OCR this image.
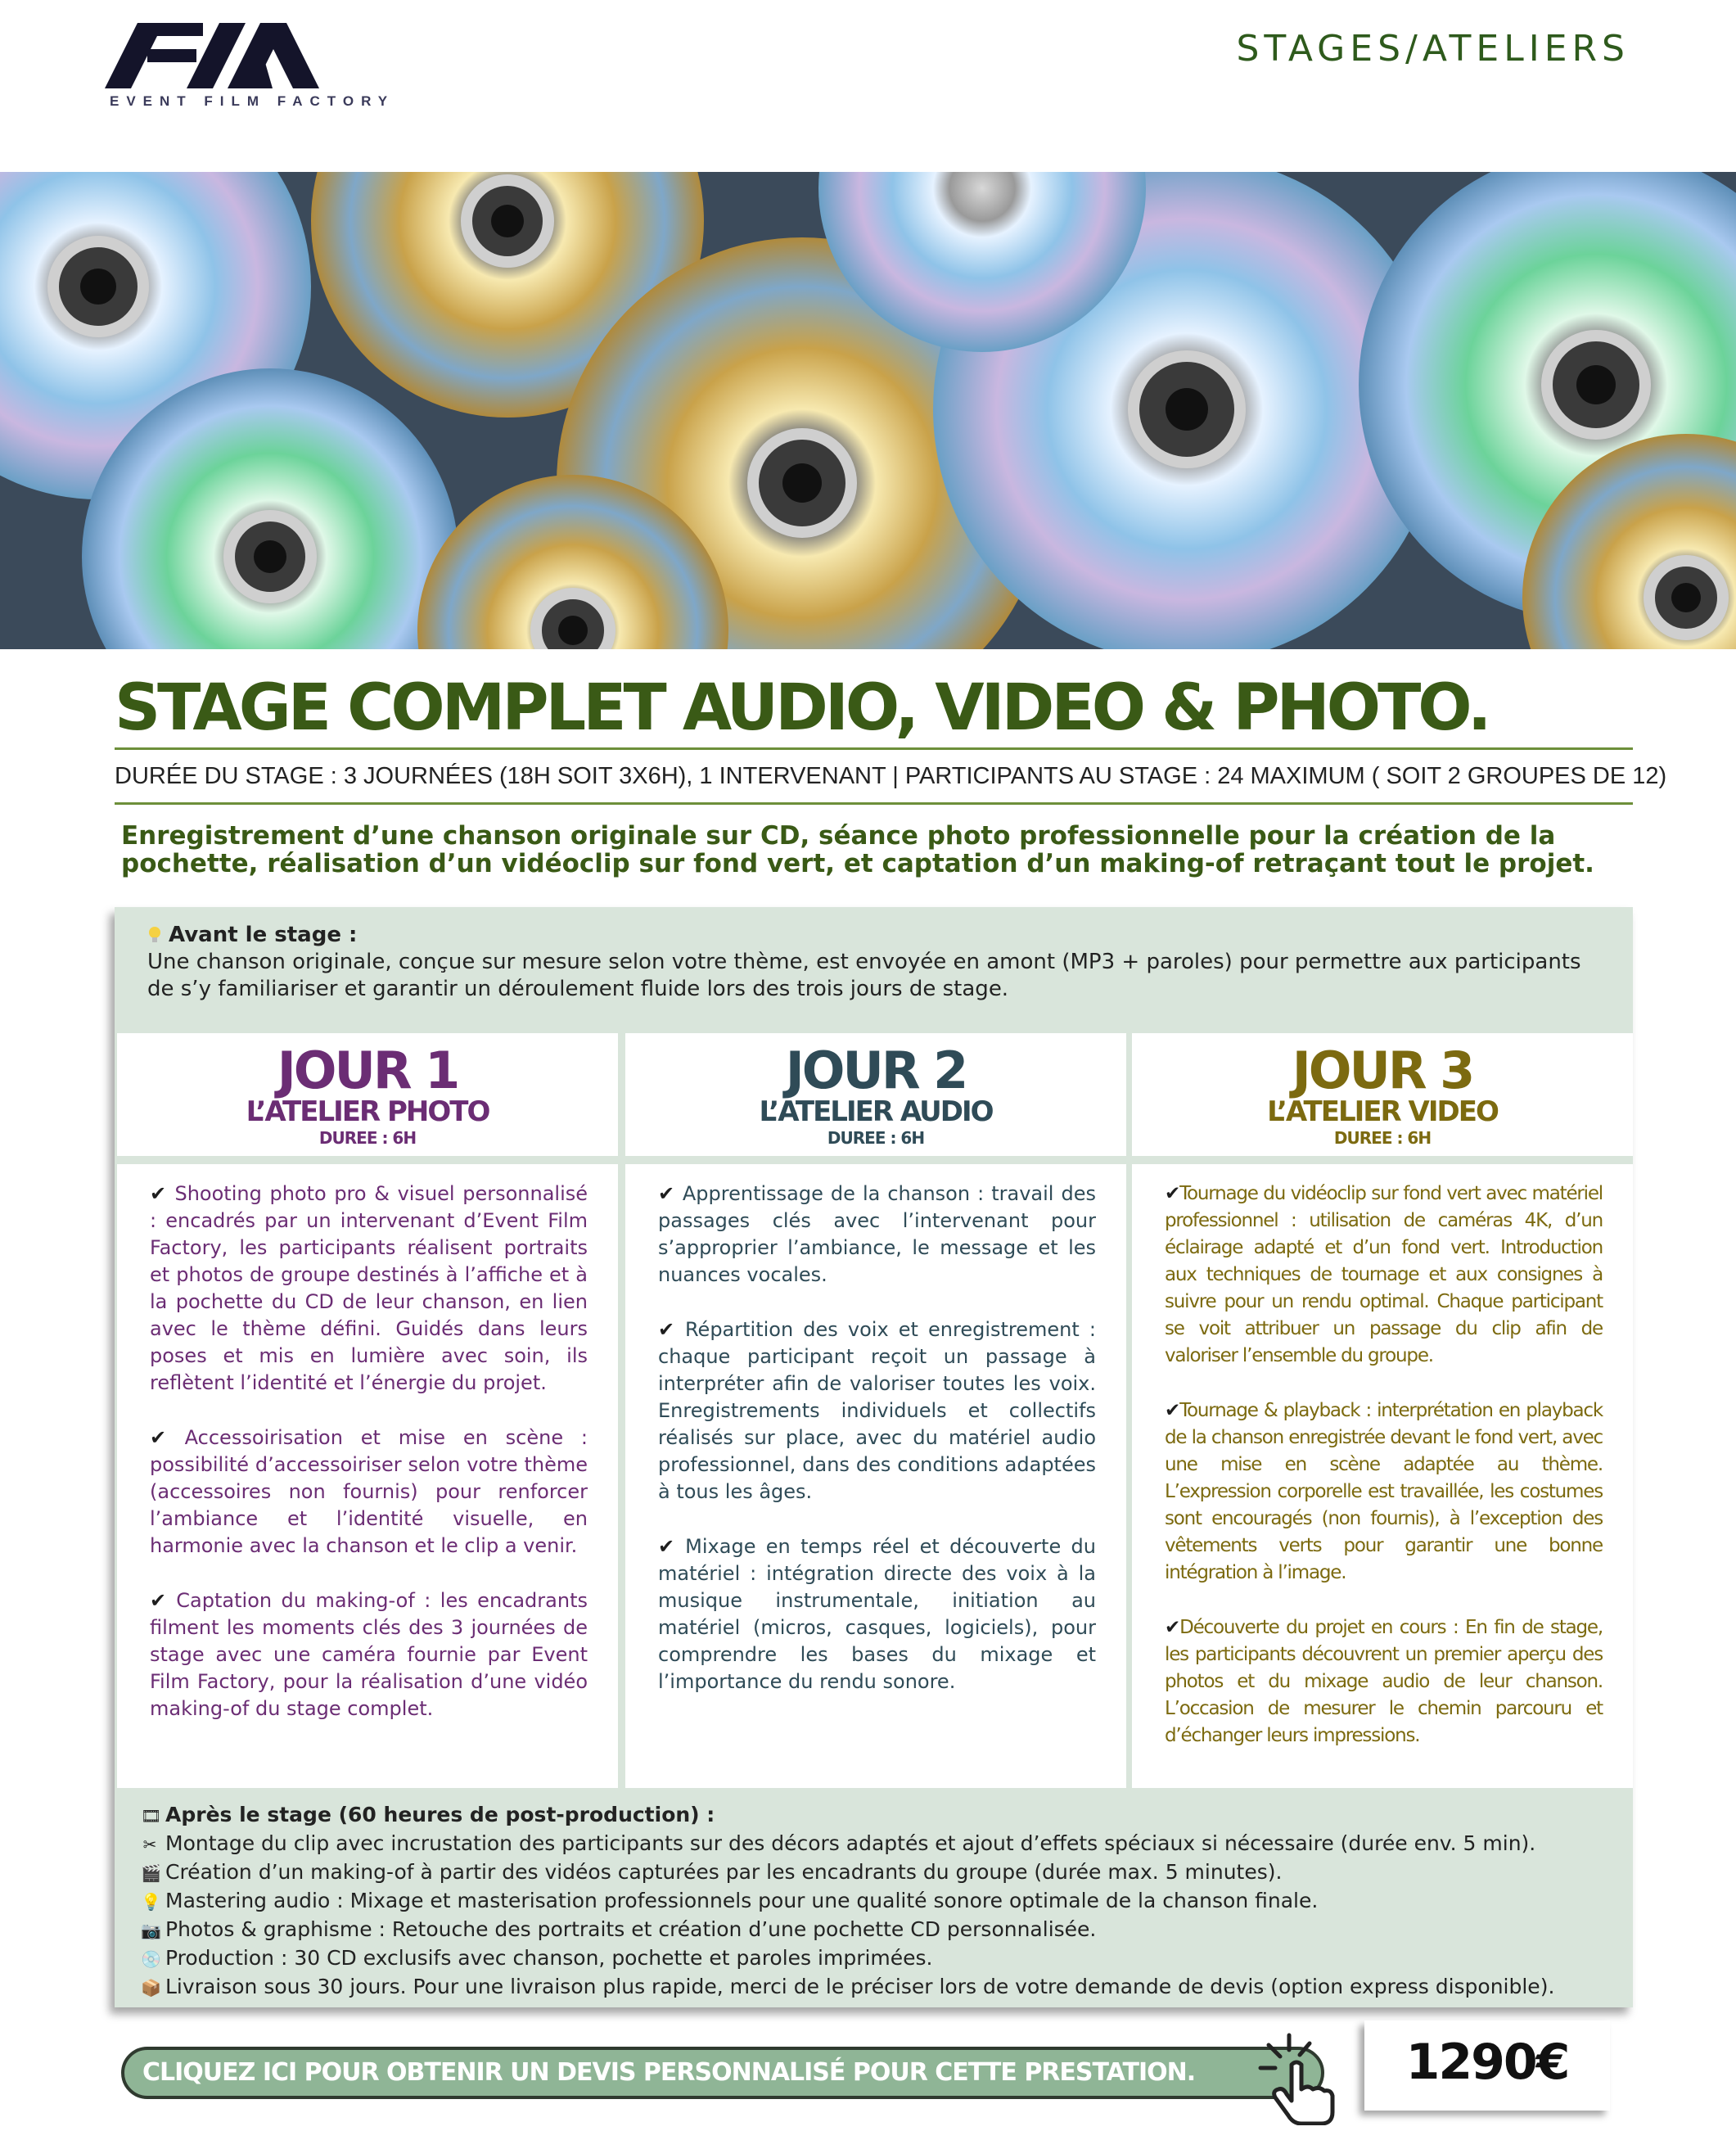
EVENT FILM FACTORY
STAGES/ATELIERS
STAGE COMPLET AUDIO, VIDEO & PHOTO.
DURÉE DU STAGE : 3 JOURNÉES (18H SOIT 3X6H), 1 INTERVENANT | PARTICIPANTS AU STAGE : 24 MAXIMUM ( SOIT 2 GROUPES DE 12)
Enregistrement d’une chanson originale sur CD, séance photo professionnelle pour la création de la pochette, réalisation d’un vidéoclip sur fond vert, et captation d’un making-of retraçant tout le projet.
Avant le stage :
Une chanson originale, conçue sur mesure selon votre thème, est envoyée en amont (MP3 + paroles) pour permettre aux participants de s’y familiariser et garantir un déroulement fluide lors des trois jours de stage.
JOUR 1
L’ATELIER PHOTO
DUREE : 6H

✔ Shooting photo pro & visuel personnalisé : encadrés par un intervenant d’Event Film Factory, les participants réalisent portraits et photos de groupe destinés à l’affiche et à la pochette du CD de leur chanson, en lien avec le thème défini. Guidés dans leurs poses et mis en lumière avec soin, ils reflètent l’identité et l’énergie du projet.

✔ Accessoirisation et mise en scène : possibilité d’accessoiriser selon votre thème (accessoires non fournis) pour renforcer l’ambiance et l’identité visuelle, en harmonie avec la chanson et le clip a venir.

✔ Captation du making-of : les encadrants filment les moments clés des 3 journées de stage avec une caméra fournie par Event Film Factory, pour la réalisation d’une vidéo making-of du stage complet.

JOUR 2
L’ATELIER AUDIO
DUREE : 6H

✔ Apprentissage de la chanson : travail des passages clés avec l’intervenant pour s’approprier l’ambiance, le message et les nuances vocales.

✔ Répartition des voix et enregistrement : chaque participant reçoit un passage à interpréter afin de valoriser toutes les voix. Enregistrements individuels et collectifs réalisés sur place, avec du matériel audio professionnel, dans des conditions adaptées à tous les âges.

✔ Mixage en temps réel et découverte du matériel : intégration directe des voix à la musique instrumentale, initiation au matériel (micros, casques, logiciels), pour comprendre les bases du mixage et l’importance du rendu sonore.

JOUR 3
L’ATELIER VIDEO
DUREE : 6H

✔Tournage du vidéoclip sur fond vert avec matériel professionnel : utilisation de caméras 4K, d’un éclairage adapté et d’un fond vert. Introduction aux techniques de tournage et aux consignes à suivre pour un rendu optimal. Chaque participant se voit attribuer un passage du clip afin de valoriser l’ensemble du groupe.

✔Tournage & playback : interprétation en playback de la chanson enregistrée devant le fond vert, avec une mise en scène adaptée au thème. L’expression corporelle est travaillée, les costumes sont encouragés (non fournis), à l’exception des vêtements verts pour garantir une bonne intégration à l’image.

✔Découverte du projet en cours : En fin de stage, les participants découvrent un premier aperçu des photos et du mixage audio de leur chanson. L’occasion de mesurer le chemin parcouru et d’échanger leurs impressions.

🎞 Après le stage (60 heures de post-production) :

✂ Montage du clip avec incrustation des participants sur des décors adaptés et ajout d’effets spéciaux si nécessaire (durée env. 5 min).
🎬 Création d’un making-of à partir des vidéos capturées par les encadrants du groupe (durée max. 5 minutes).
💡 Mastering audio : Mixage et masterisation professionnels pour une qualité sonore optimale de la chanson finale.
📷 Photos & graphisme : Retouche des portraits et création d’une pochette CD personnalisée.
💿 Production : 30 CD exclusifs avec chanson, pochette et paroles imprimées.
📦 Livraison sous 30 jours. Pour une livraison plus rapide, merci de le préciser lors de votre demande de devis (option express disponible).
CLIQUEZ ICI POUR OBTENIR UN DEVIS PERSONNALISÉ POUR CETTE PRESTATION.	1290€
